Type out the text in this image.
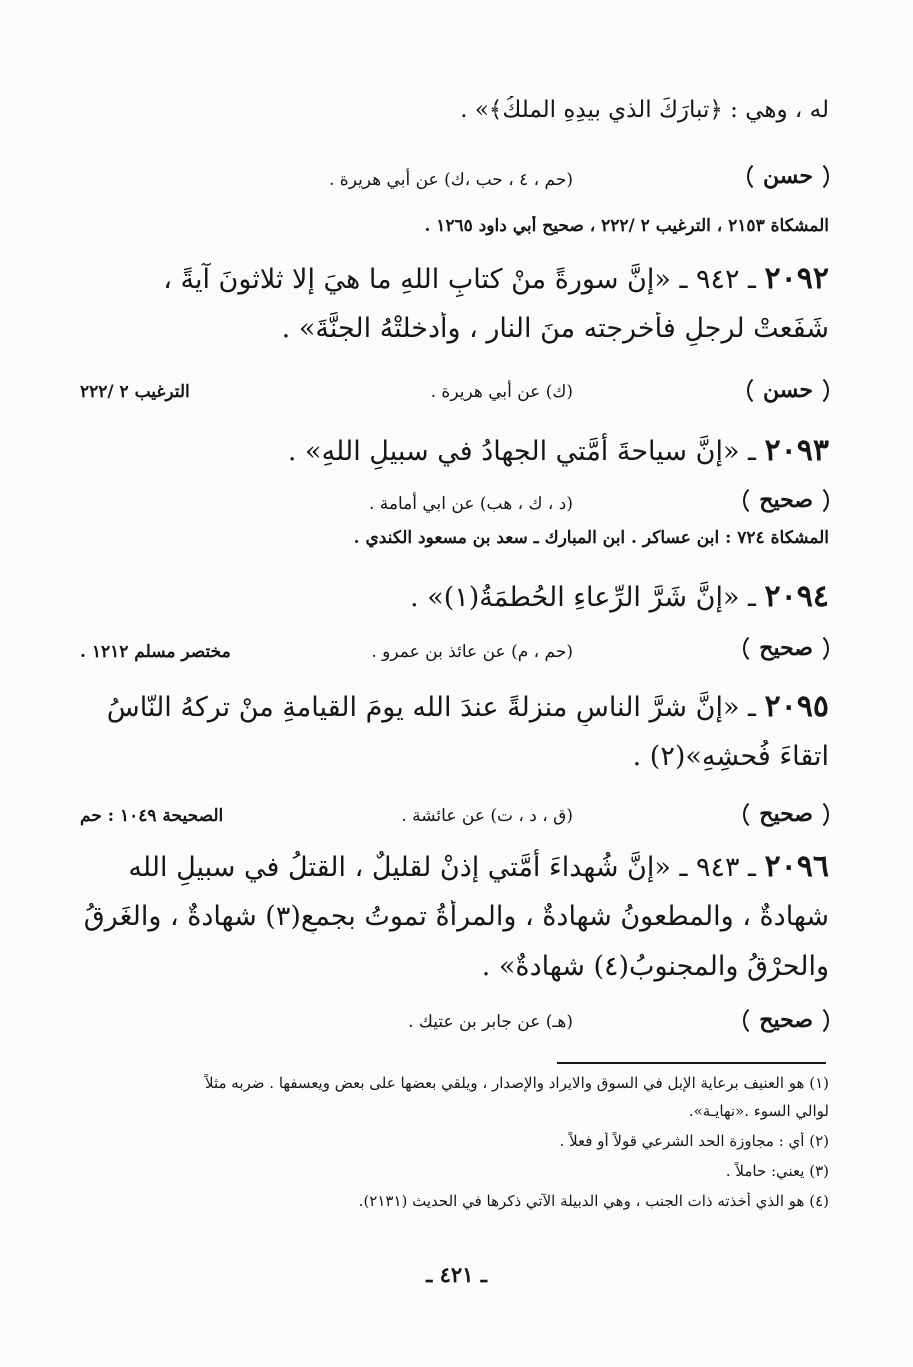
له ، وهي : ﴿تبارَكَ الذي بيدِهِ الملكُ﴾» .
حسن
(حم ، ٤ ، حب ،ك) عن أبي هريرة .
المشكاة ٢١٥٣ ، الترغيب ٢ /٢٢٢ ، صحيح أبي داود ١٢٦٥ .
٢٠٩٢ ـ ٩٤٢ ـ «إنَّ سورةً منْ كتابِ اللهِ ما هيَ إلا ثلاثونَ آيةً ،
شَفَعتْ لرجلٍ فأخرجته منَ النار ، وأدخلتْهُ الجنَّةَ» .
حسن
(ك) عن أبي هريرة .
الترغيب ٢ /٢٢٢
٢٠٩٣ ـ «إنَّ سياحةَ أُمَّتي الجهادُ في سبيلِ اللهِ» .
صحيح
(د ، ك ، هب) عن ابي أمامة .
المشكاة ٧٢٤ : ابن عساكر . ابن المبارك ـ سعد بن مسعود الكندي .
٢٠٩٤ ـ «إنَّ شَرَّ الرِّعاءِ الحُطمَةُ(١)» .
صحيح
(حم ، م) عن عائذ بن عمرو .
مختصر مسلم ١٢١٢ .
٢٠٩٥ ـ «إنَّ شرَّ الناسِ منزلةً عندَ الله يومَ القيامةِ منْ تركهُ النّاسُ
اتقاءَ فُحشِهِ»(٢) .
صحيح
(ق ، د ، ت) عن عائشة .
الصحيحة ١٠٤٩ : حم
٢٠٩٦ ـ ٩٤٣ ـ «إنَّ شُهداءَ أُمَّتي إذنْ لقليلٌ ، القتلُ في سبيلِ الله
شهادةٌ ، والمطعونُ شهادةٌ ، والمرأةُ تموتُ بجمعٍ(٣) شهادةٌ ، والغَرقُ
والحرْقُ والمجنوبُ(٤) شهادةٌ» .
صحيح
(هـ) عن جابر بن عتيك .
(١) هو العنيف برعاية الإبل في السوق والايراد والإصدار ، ويلقي بعضها على بعض ويعسفها . ضربه مثلاً
لوالي السوء .«نهايـة».
(٢) أي : مجاوزة الحد الشرعي قولاً أو فعلاً .
(٣) يعني: حاملاً .
(٤) هو الذي أخذته ذات الجنب ، وهي الدبيلة الآتي ذكرها في الحديث (٢١٣١).
ـ ٤٢١ ـ
